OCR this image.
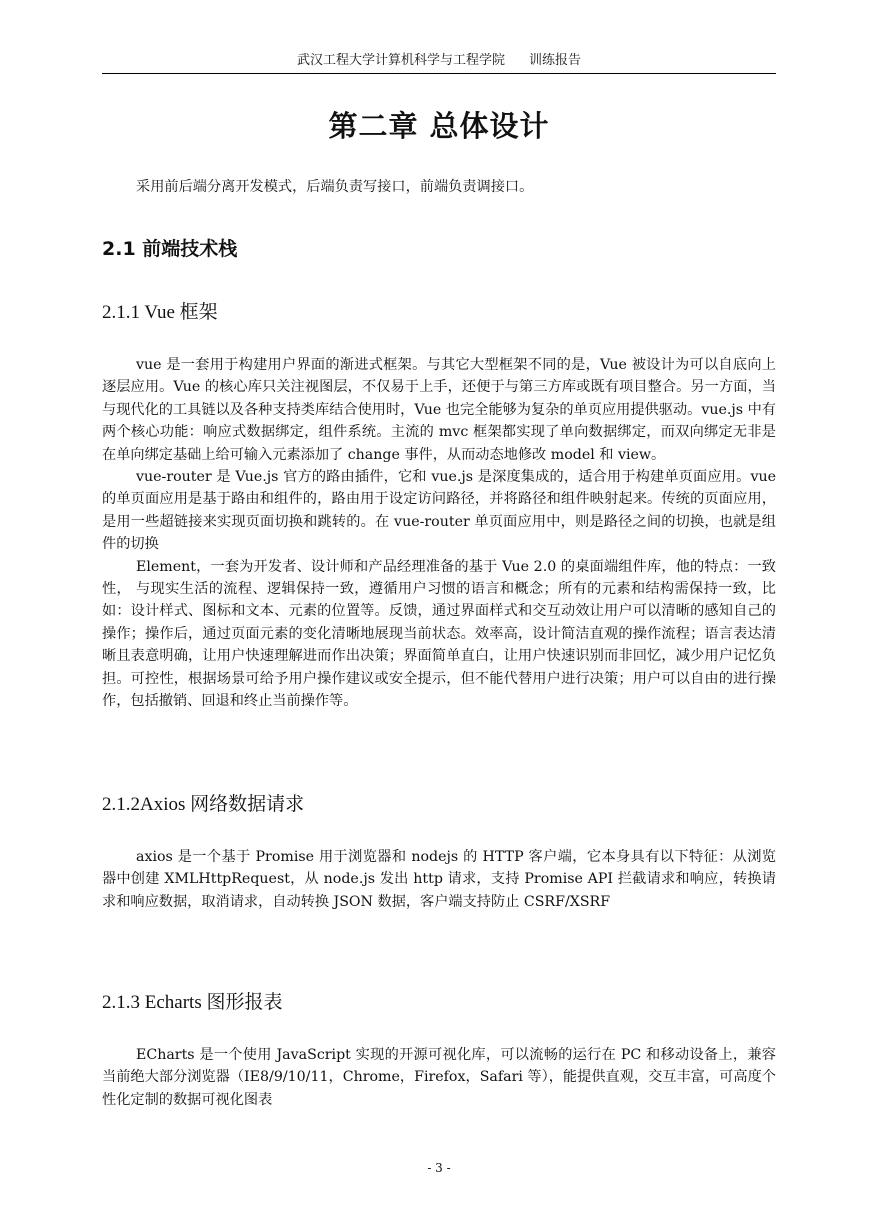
武汉工程大学计算机科学与工程学院 训练报告
第二章 总体设计
采用前后端分离开发模式，后端负责写接口，前端负责调接口。
2.1 前端技术栈
2.1.1 Vue 框架

vue 是一套用于构建用户界面的渐进式框架。与其它大型框架不同的是，Vue 被设计为可以自底向上逐层应用。Vue 的核心库只关注视图层，不仅易于上手，还便于与第三方库或既有项目整合。另一方面，当与现代化的工具链以及各种支持类库结合使用时，Vue 也完全能够为复杂的单页应用提供驱动。vue.js 中有两个核心功能：响应式数据绑定，组件系统。主流的 mvc 框架都实现了单向数据绑定，而双向绑定无非是在单向绑定基础上给可输入元素添加了 change 事件，从而动态地修改 model 和 view。

vue-router 是 Vue.js 官方的路由插件，它和 vue.js 是深度集成的，适合用于构建单页面应用。vue 的单页面应用是基于路由和组件的，路由用于设定访问路径，并将路径和组件映射起来。传统的页面应用，是用一些超链接来实现页面切换和跳转的。在 vue-router 单页面应用中，则是路径之间的切换，也就是组件的切换

Element，一套为开发者、设计师和产品经理准备的基于 Vue 2.0 的桌面端组件库，他的特点：一致性， 与现实生活的流程、逻辑保持一致，遵循用户习惯的语言和概念；所有的元素和结构需保持一致，比如：设计样式、图标和文本、元素的位置等。反馈，通过界面样式和交互动效让用户可以清晰的感知自己的操作；操作后，通过页面元素的变化清晰地展现当前状态。效率高，设计简洁直观的操作流程；语言表达清晰且表意明确，让用户快速理解进而作出决策；界面简单直白，让用户快速识别而非回忆，减少用户记忆负担。可控性，根据场景可给予用户操作建议或安全提示，但不能代替用户进行决策；用户可以自由的进行操作，包括撤销、回退和终止当前操作等。

2.1.2Axios 网络数据请求
axios 是一个基于 Promise 用于浏览器和 nodejs 的 HTTP 客户端，它本身具有以下特征：从浏览器中创建 XMLHttpRequest，从 node.js 发出 http 请求，支持 Promise API 拦截请求和响应，转换请求和响应数据，取消请求，自动转换 JSON 数据，客户端支持防止 CSRF/XSRF
2.1.3 Echarts 图形报表
ECharts 是一个使用 JavaScript 实现的开源可视化库，可以流畅的运行在 PC 和移动设备上，兼容当前绝大部分浏览器（IE8/9/10/11，Chrome，Firefox，Safari 等），能提供直观，交互丰富，可高度个性化定制的数据可视化图表
- 3 -
